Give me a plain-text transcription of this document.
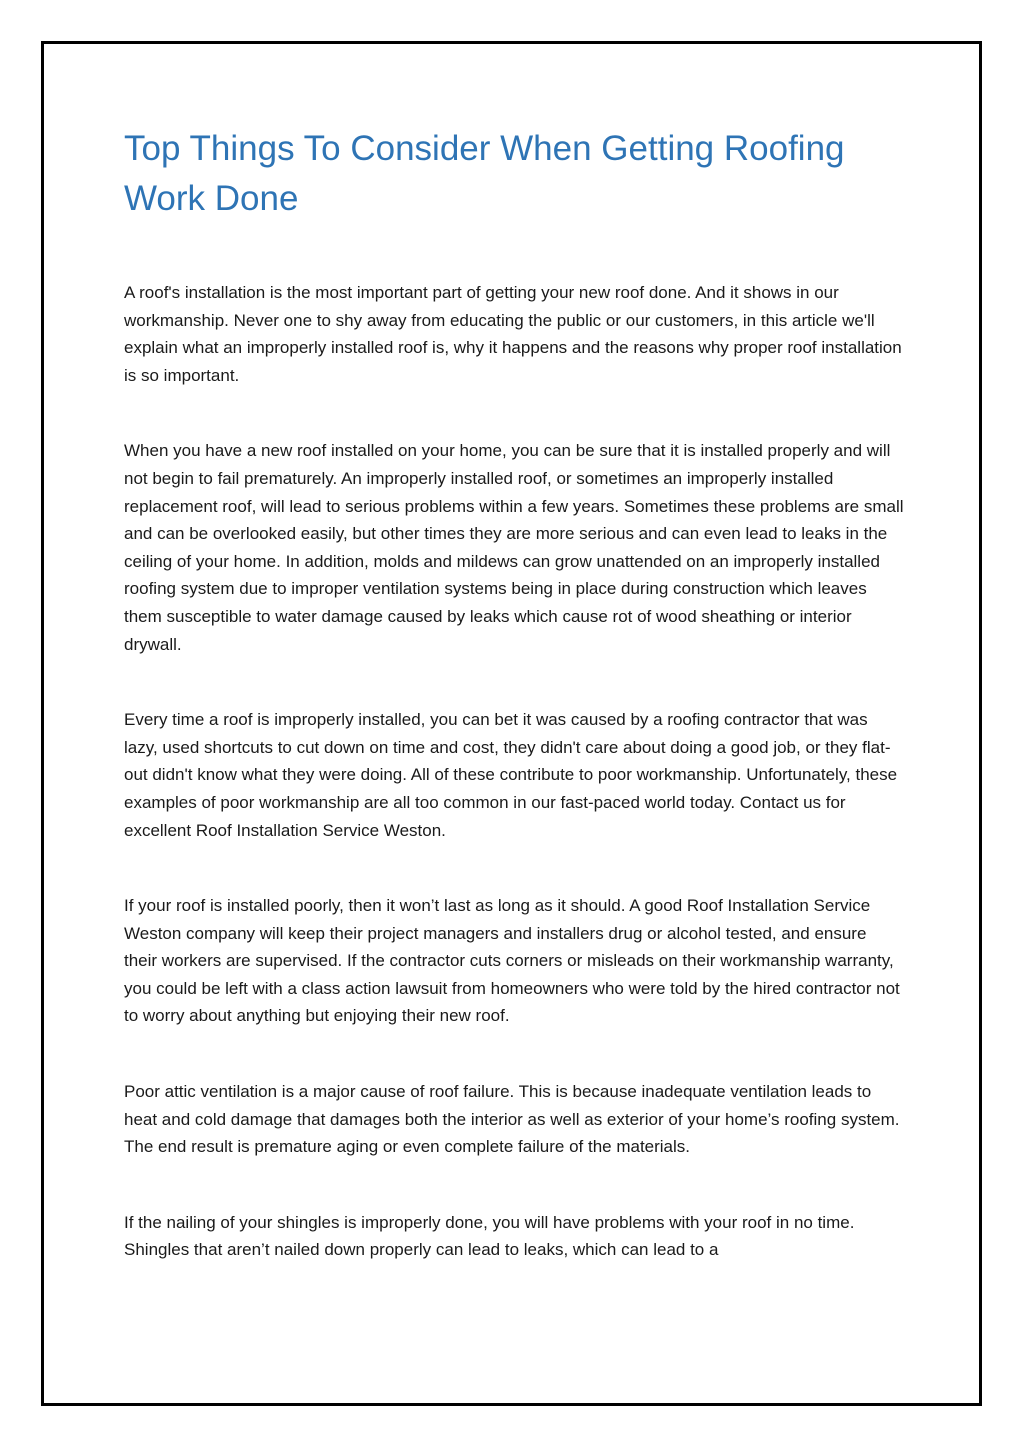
Top Things To Consider When Getting Roofing Work Done

A roof's installation is the most important part of getting your new roof done. And it shows in our workmanship. Never one to shy away from educating the public or our customers, in this article we'll explain what an improperly installed roof is, why it happens and the reasons why proper roof installation is so important.

When you have a new roof installed on your home, you can be sure that it is installed properly and will not begin to fail prematurely. An improperly installed roof, or sometimes an improperly installed replacement roof, will lead to serious problems within a few years. Sometimes these problems are small and can be overlooked easily, but other times they are more serious and can even lead to leaks in the ceiling of your home. In addition, molds and mildews can grow unattended on an improperly installed roofing system due to improper ventilation systems being in place during construction which leaves them susceptible to water damage caused by leaks which cause rot of wood sheathing or interior drywall.

Every time a roof is improperly installed, you can bet it was caused by a roofing contractor that was lazy, used shortcuts to cut down on time and cost, they didn't care about doing a good job, or they flat-out didn't know what they were doing. All of these contribute to poor workmanship. Unfortunately, these examples of poor workmanship are all too common in our fast-paced world today. Contact us for excellent Roof Installation Service Weston.

If your roof is installed poorly, then it won’t last as long as it should. A good Roof Installation Service Weston company will keep their project managers and installers drug or alcohol tested, and ensure their workers are supervised. If the contractor cuts corners or misleads on their workmanship warranty, you could be left with a class action lawsuit from homeowners who were told by the hired contractor not to worry about anything but enjoying their new roof.

Poor attic ventilation is a major cause of roof failure. This is because inadequate ventilation leads to heat and cold damage that damages both the interior as well as exterior of your home’s roofing system. The end result is premature aging or even complete failure of the materials.

If the nailing of your shingles is improperly done, you will have problems with your roof in no time. Shingles that aren’t nailed down properly can lead to leaks, which can lead to a
